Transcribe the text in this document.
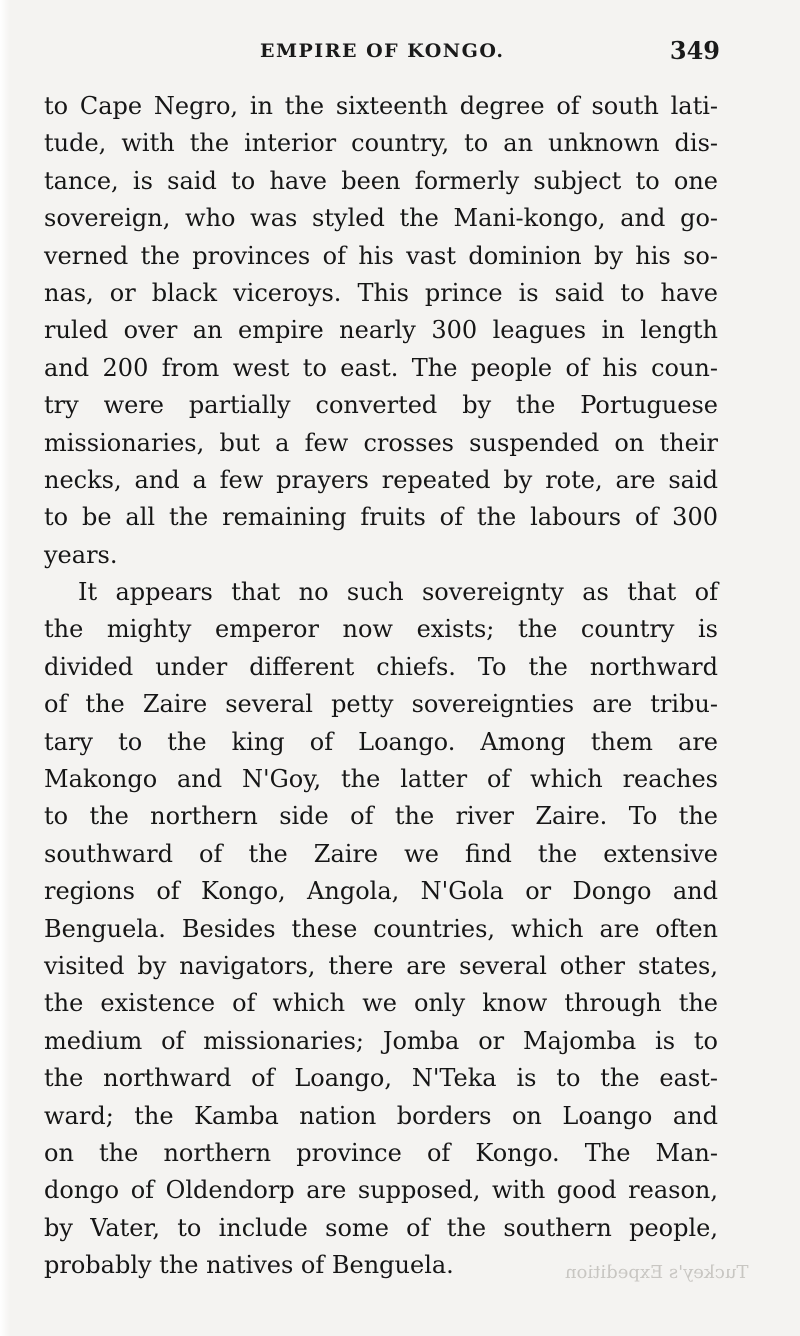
EMPIRE OF KONGO.	349
to Cape Negro, in the sixteenth degree of south lati-
tude, with the interior country, to an unknown dis-
tance, is said to have been formerly subject to one
sovereign, who was styled the Mani-kongo, and go-
verned the provinces of his vast dominion by his so-
nas, or black viceroys. This prince is said to have
ruled over an empire nearly 300 leagues in length
and 200 from west to east. The people of his coun-
try were partially converted by the Portuguese
missionaries, but a few crosses suspended on their
necks, and a few prayers repeated by rote, are said
to be all the remaining fruits of the labours of 300
years.
It appears that no such sovereignty as that of
the mighty emperor now exists; the country is
divided under different chiefs. To the northward
of the Zaire several petty sovereignties are tribu-
tary to the king of Loango. Among them are
Makongo and N'Goy, the latter of which reaches
to the northern side of the river Zaire. To the
southward of the Zaire we find the extensive
regions of Kongo, Angola, N'Gola or Dongo and
Benguela. Besides these countries, which are often
visited by navigators, there are several other states,
the existence of which we only know through the
medium of missionaries; Jomba or Majomba is to
the northward of Loango, N'Teka is to the east-
ward; the Kamba nation borders on Loango and
on the northern province of Kongo. The Man-
dongo of Oldendorp are supposed, with good reason,
by Vater, to include some of the southern people,
probably the natives of Benguela.	Tuckey's Expedition
